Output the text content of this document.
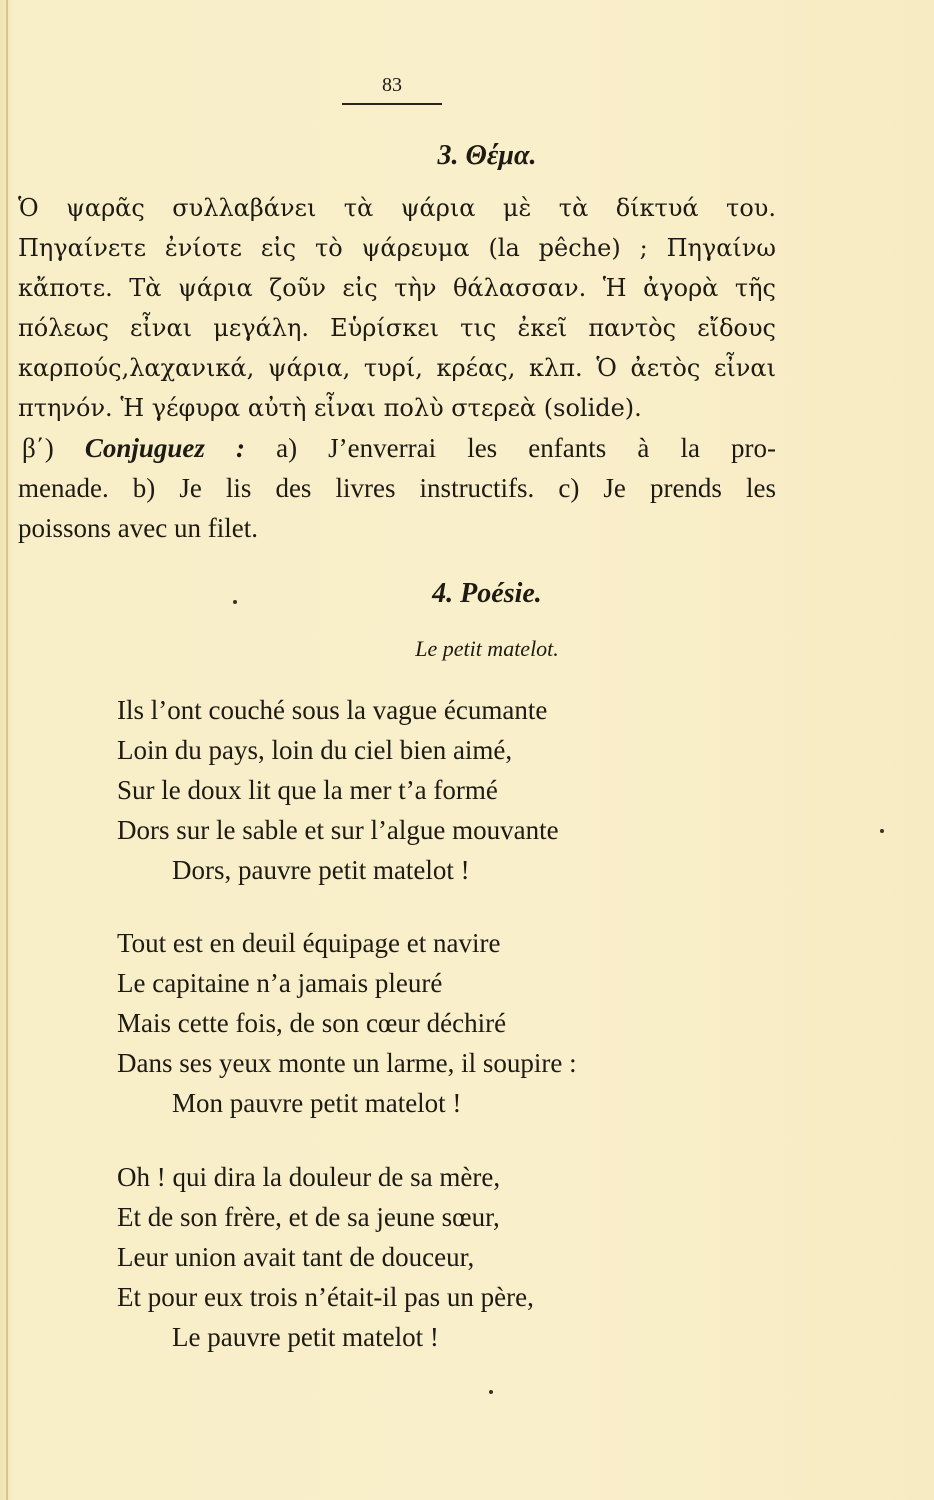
83
3. Θέμα.
Ὁ ψαρᾶς συλλαβάνει τὰ ψάρια μὲ τὰ δίκτυά του.
Πηγαίνετε ἐνίοτε εἰς τὸ ψάρευμα (la pêche) ; Πηγαίνω
κἄποτε. Τὰ ψάρια ζοῦν εἰς τὴν θάλασσαν. Ἡ ἀγορὰ τῆς
πόλεως εἶναι μεγάλη. Εὑρίσκει τις ἐκεῖ παντὸς εἴδους
καρπούς,λαχανικά, ψάρια, τυρί, κρέας, κλπ. Ὁ ἀετὸς εἶναι
πτηνόν. Ἡ γέφυρα αὐτὴ εἶναι πολὺ στερεὰ (solide).
β΄) Conjuguez : a) J’enverrai les enfants à la pro-
menade. b) Je lis des livres instructifs. c) Je prends les
poissons avec un filet.
4. Poésie.
Le petit matelot.
Ils l’ont couché sous la vague écumante
Loin du pays, loin du ciel bien aimé,
Sur le doux lit que la mer t’a formé
Dors sur le sable et sur l’algue mouvante
Dors, pauvre petit matelot !
Tout est en deuil équipage et navire
Le capitaine n’a jamais pleuré
Mais cette fois, de son cœur déchiré
Dans ses yeux monte un larme, il soupire :
Mon pauvre petit matelot !
Oh ! qui dira la douleur de sa mère,
Et de son frère, et de sa jeune sœur,
Leur union avait tant de douceur,
Et pour eux trois n’était-il pas un père,
Le pauvre petit matelot !
